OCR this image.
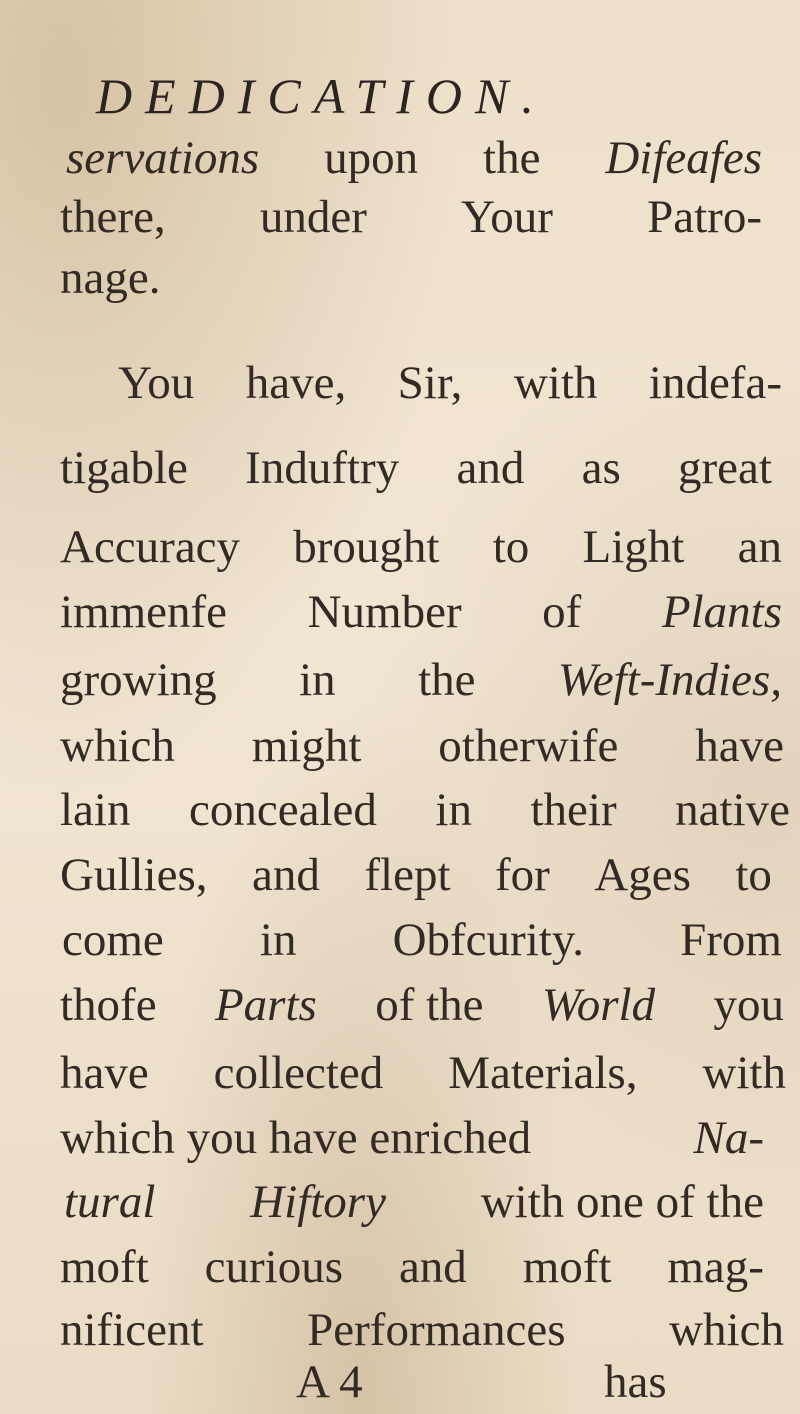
DEDICATION.
servations upon the Difeafes
there, under Your Patro-
nage.
You have, Sir, with indefa-
tigable Induftry and as great
Accuracy brought to Light an
immenfe Number of Plants
growing in the Weft-Indies,
which might otherwife have
lain concealed in their native
Gullies, and flept for Ages to
come in Obfcurity. From
thofe Parts of the World you
have collected Materials, with
which you have enriched	Na-
tural Hiftory with one of the
moft curious and moft mag-
nificent Performances which
A 4	has
